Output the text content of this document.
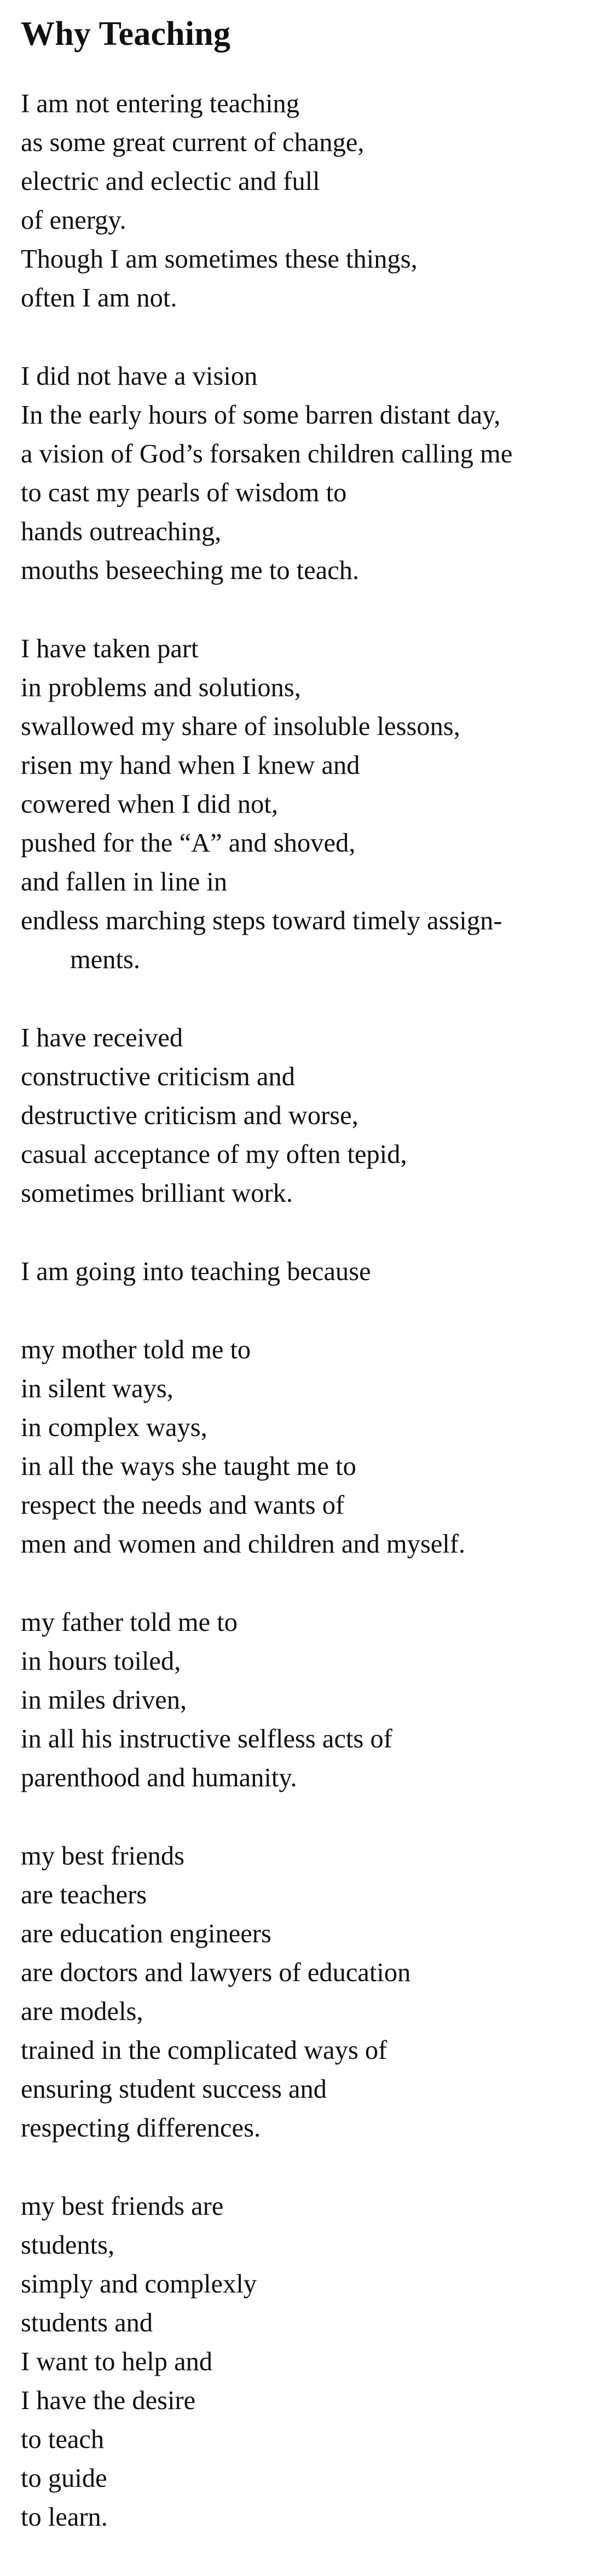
Why Teaching
I am not entering teaching
as some great current of change,
electric and eclectic and full
of energy.
Though I am sometimes these things,
often I am not.
I did not have a vision
In the early hours of some barren distant day,
a vision of God’s forsaken children calling me
to cast my pearls of wisdom to
hands outreaching,
mouths beseeching me to teach.
I have taken part
in problems and solutions,
swallowed my share of insoluble lessons,
risen my hand when I knew and
cowered when I did not,
pushed for the “A” and shoved,
and fallen in line in
endless marching steps toward timely assign-
ments.
I have received
constructive criticism and
destructive criticism and worse,
casual acceptance of my often tepid,
sometimes brilliant work.
I am going into teaching because
my mother told me to
in silent ways,
in complex ways,
in all the ways she taught me to
respect the needs and wants of
men and women and children and myself.
my father told me to
in hours toiled,
in miles driven,
in all his instructive selfless acts of
parenthood and humanity.
my best friends
are teachers
are education engineers
are doctors and lawyers of education
are models,
trained in the complicated ways of
ensuring student success and
respecting differences.
my best friends are
students,
simply and complexly
students and
I want to help and
I have the desire
to teach
to guide
to learn.
